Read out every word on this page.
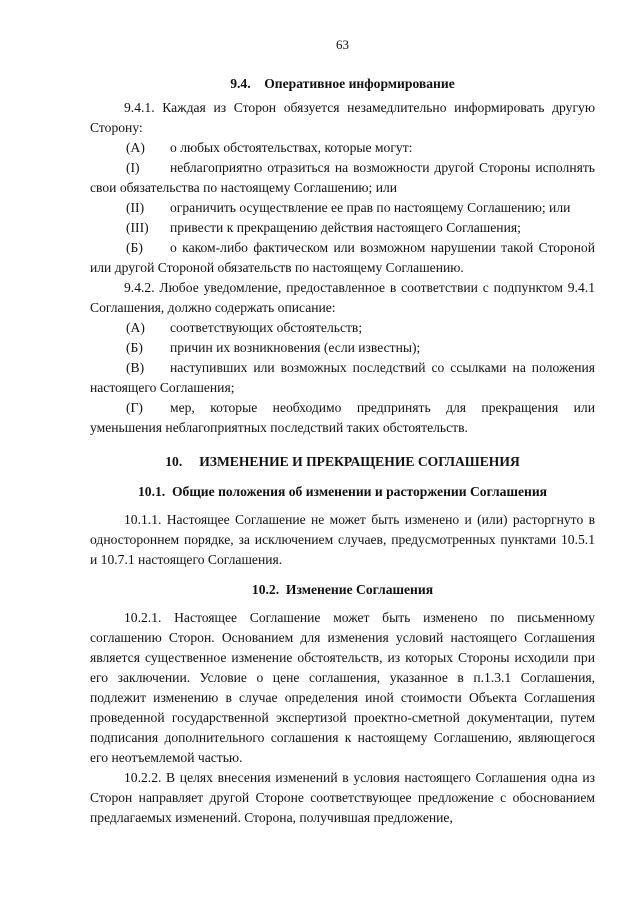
63
9.4.    Оперативное информирование

9.4.1. Каждая из Сторон обязуется незамедлительно информировать другую Сторону:

(А)	о любых обстоятельствах, которые могут:

(I) неблагоприятно отразиться на возможности другой Стороны исполнять свои обязательства по настоящему Соглашению; или

(II) ограничить осуществление ее прав по настоящему Соглашению; или

(III)	привести к прекращению действия настоящего Соглашения;

(Б) о каком-либо фактическом или возможном нарушении такой Стороной или другой Стороной обязательств по настоящему Соглашению.

9.4.2. Любое уведомление, предоставленное в соответствии с подпунктом 9.4.1 Соглашения, должно содержать описание:

(А)	соответствующих обстоятельств;
(Б)	причин их возникновения (если известны);

(В) наступивших или возможных последствий со ссылками на положения настоящего Соглашения;

(Г) мер, которые необходимо предпринять для прекращения или уменьшения неблагоприятных последствий таких обстоятельств.

10.     ИЗМЕНЕНИЕ И ПРЕКРАЩЕНИЕ СОГЛАШЕНИЯ
10.1.  Общие положения об изменении и расторжении Соглашения

10.1.1. Настоящее Соглашение не может быть изменено и (или) расторгнуто в одностороннем порядке, за исключением случаев, предусмотренных пунктами 10.5.1 и 10.7.1 настоящего Соглашения.

10.2.  Изменение Соглашения

10.2.1. Настоящее Соглашение может быть изменено по письменному соглашению Сторон. Основанием для изменения условий настоящего Соглашения является существенное изменение обстоятельств, из которых Стороны исходили при его заключении. Условие о цене соглашения, указанное в п.1.3.1 Соглашения, подлежит изменению в случае определения иной стоимости Объекта Соглашения проведенной государственной экспертизой проектно-сметной документации, путем подписания дополнительного соглашения к настоящему Соглашению, являющегося его неотъемлемой частью.

10.2.2. В целях внесения изменений в условия настоящего Соглашения одна из Сторон направляет другой Стороне соответствующее предложение с обоснованием предлагаемых изменений. Сторона, получившая предложение,
